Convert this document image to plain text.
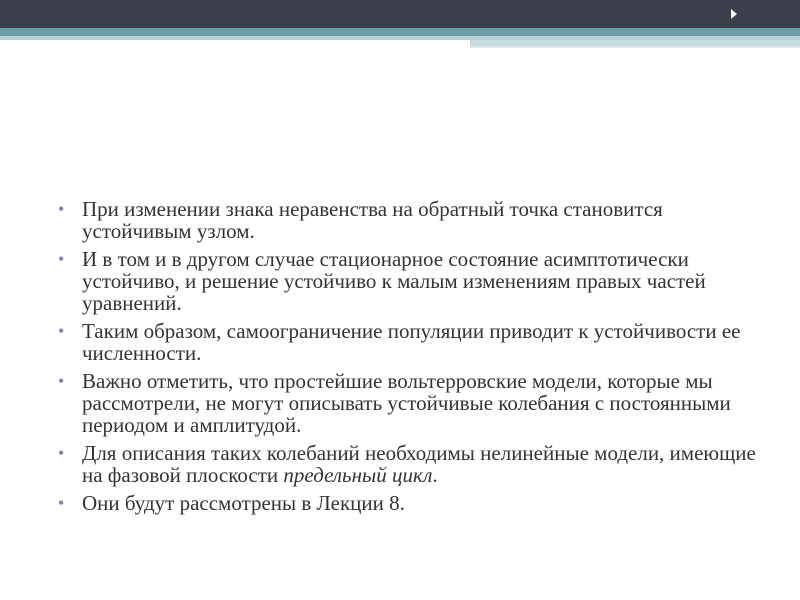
• При изменении знака неравенства на обратный точка становится устойчивым узлом.
• И в том и в другом случае стационарное состояние асимптотически устойчиво, и решение устойчиво к малым изменениям правых частей уравнений.
• Таким образом, самоограничение популяции приводит к устойчивости ее численности.
• Важно отметить, что простейшие вольтерровские модели, которые мы рассмотрели, не могут описывать устойчивые колебания с постоянными периодом и амплитудой.
• Для описания таких колебаний необходимы нелинейные модели, имеющие на фазовой плоскости предельный цикл.
• Они будут рассмотрены в Лекции 8.
